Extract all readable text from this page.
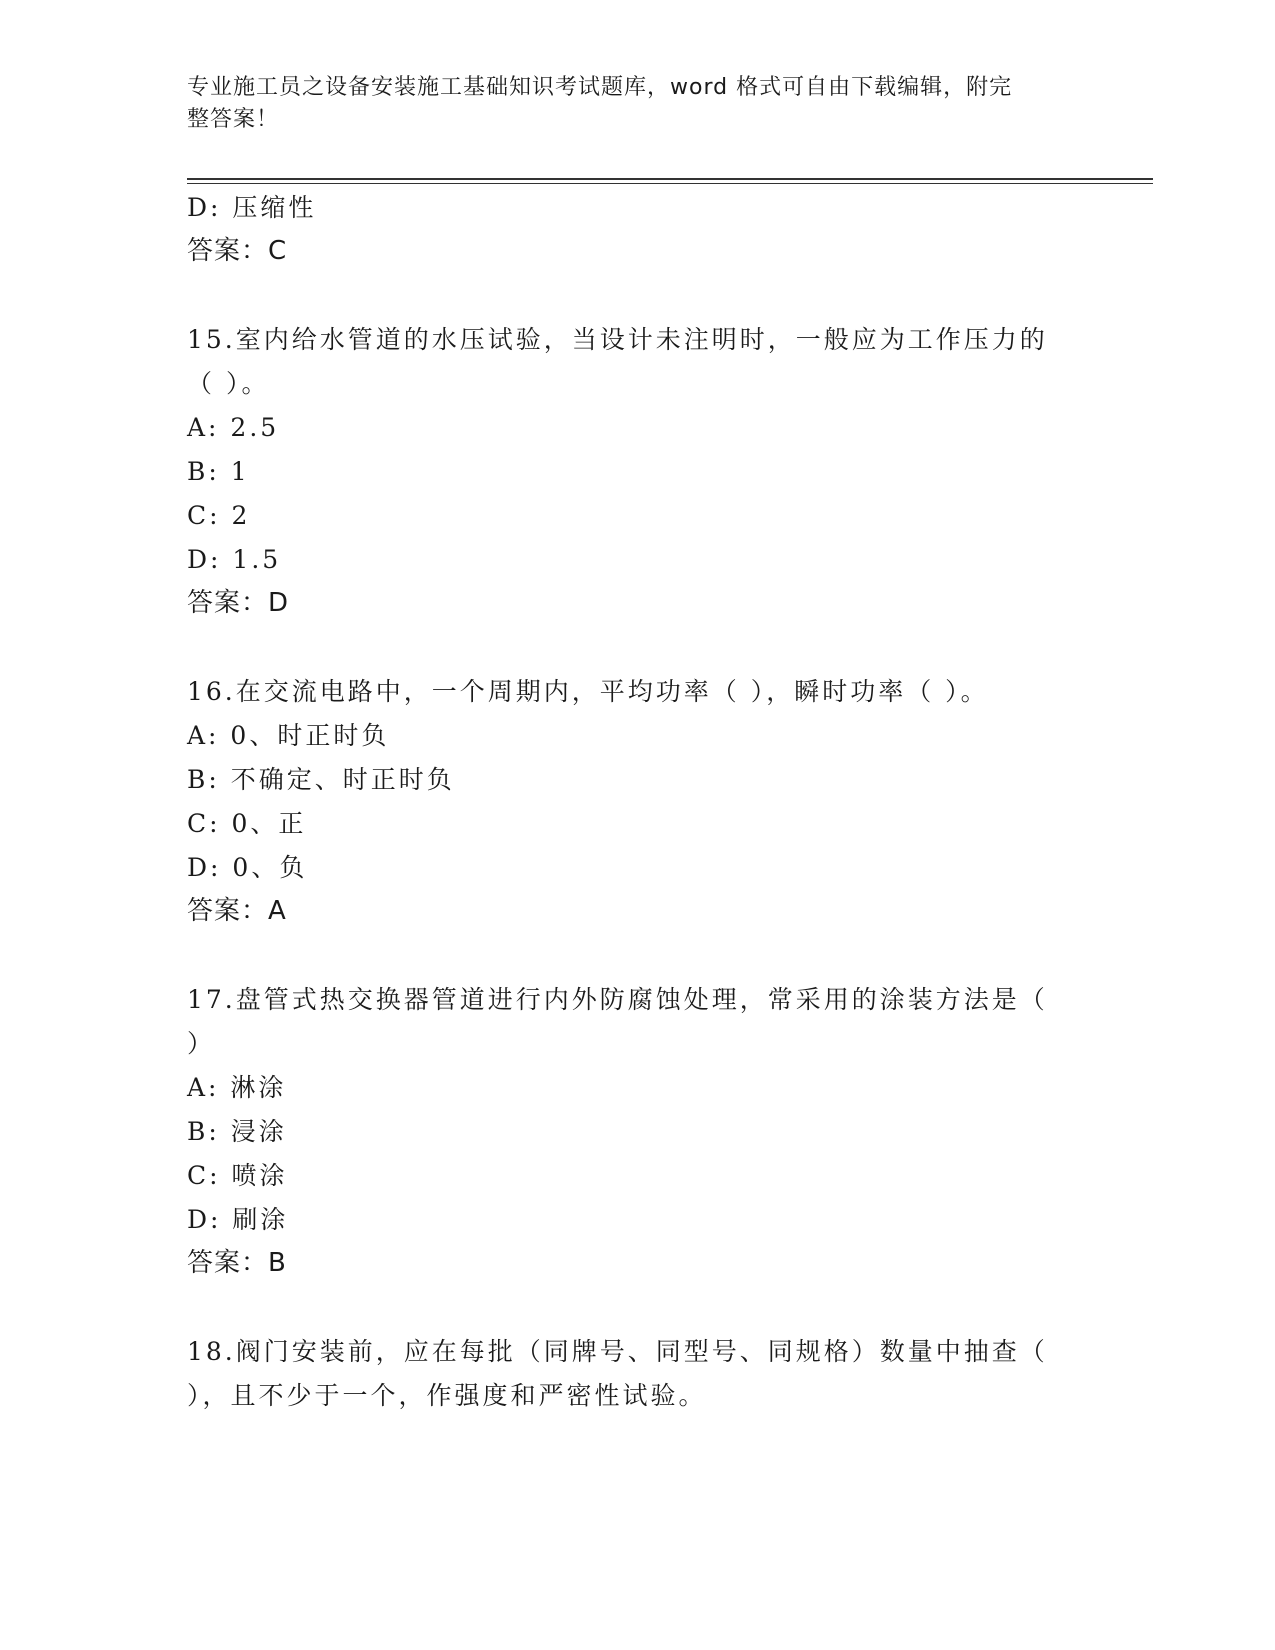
专业施工员之设备安装施工基础知识考试题库，word 格式可自由下载编辑，附完
整答案！
D: 压缩性
答案：C
15.室内给水管道的水压试验，当设计未注明时，一般应为工作压力的
（ ）。
A: 2.5
B: 1
C: 2
D: 1.5
答案：D
16.在交流电路中，一个周期内，平均功率（ ），瞬时功率（ ）。
A: 0、时正时负
B: 不确定、时正时负
C: 0、正
D: 0、负
答案：A
17.盘管式热交换器管道进行内外防腐蚀处理，常采用的涂装方法是（
）
A: 淋涂
B: 浸涂
C: 喷涂
D: 刷涂
答案：B
18.阀门安装前，应在每批（同牌号、同型号、同规格）数量中抽查（
），且不少于一个，作强度和严密性试验。
